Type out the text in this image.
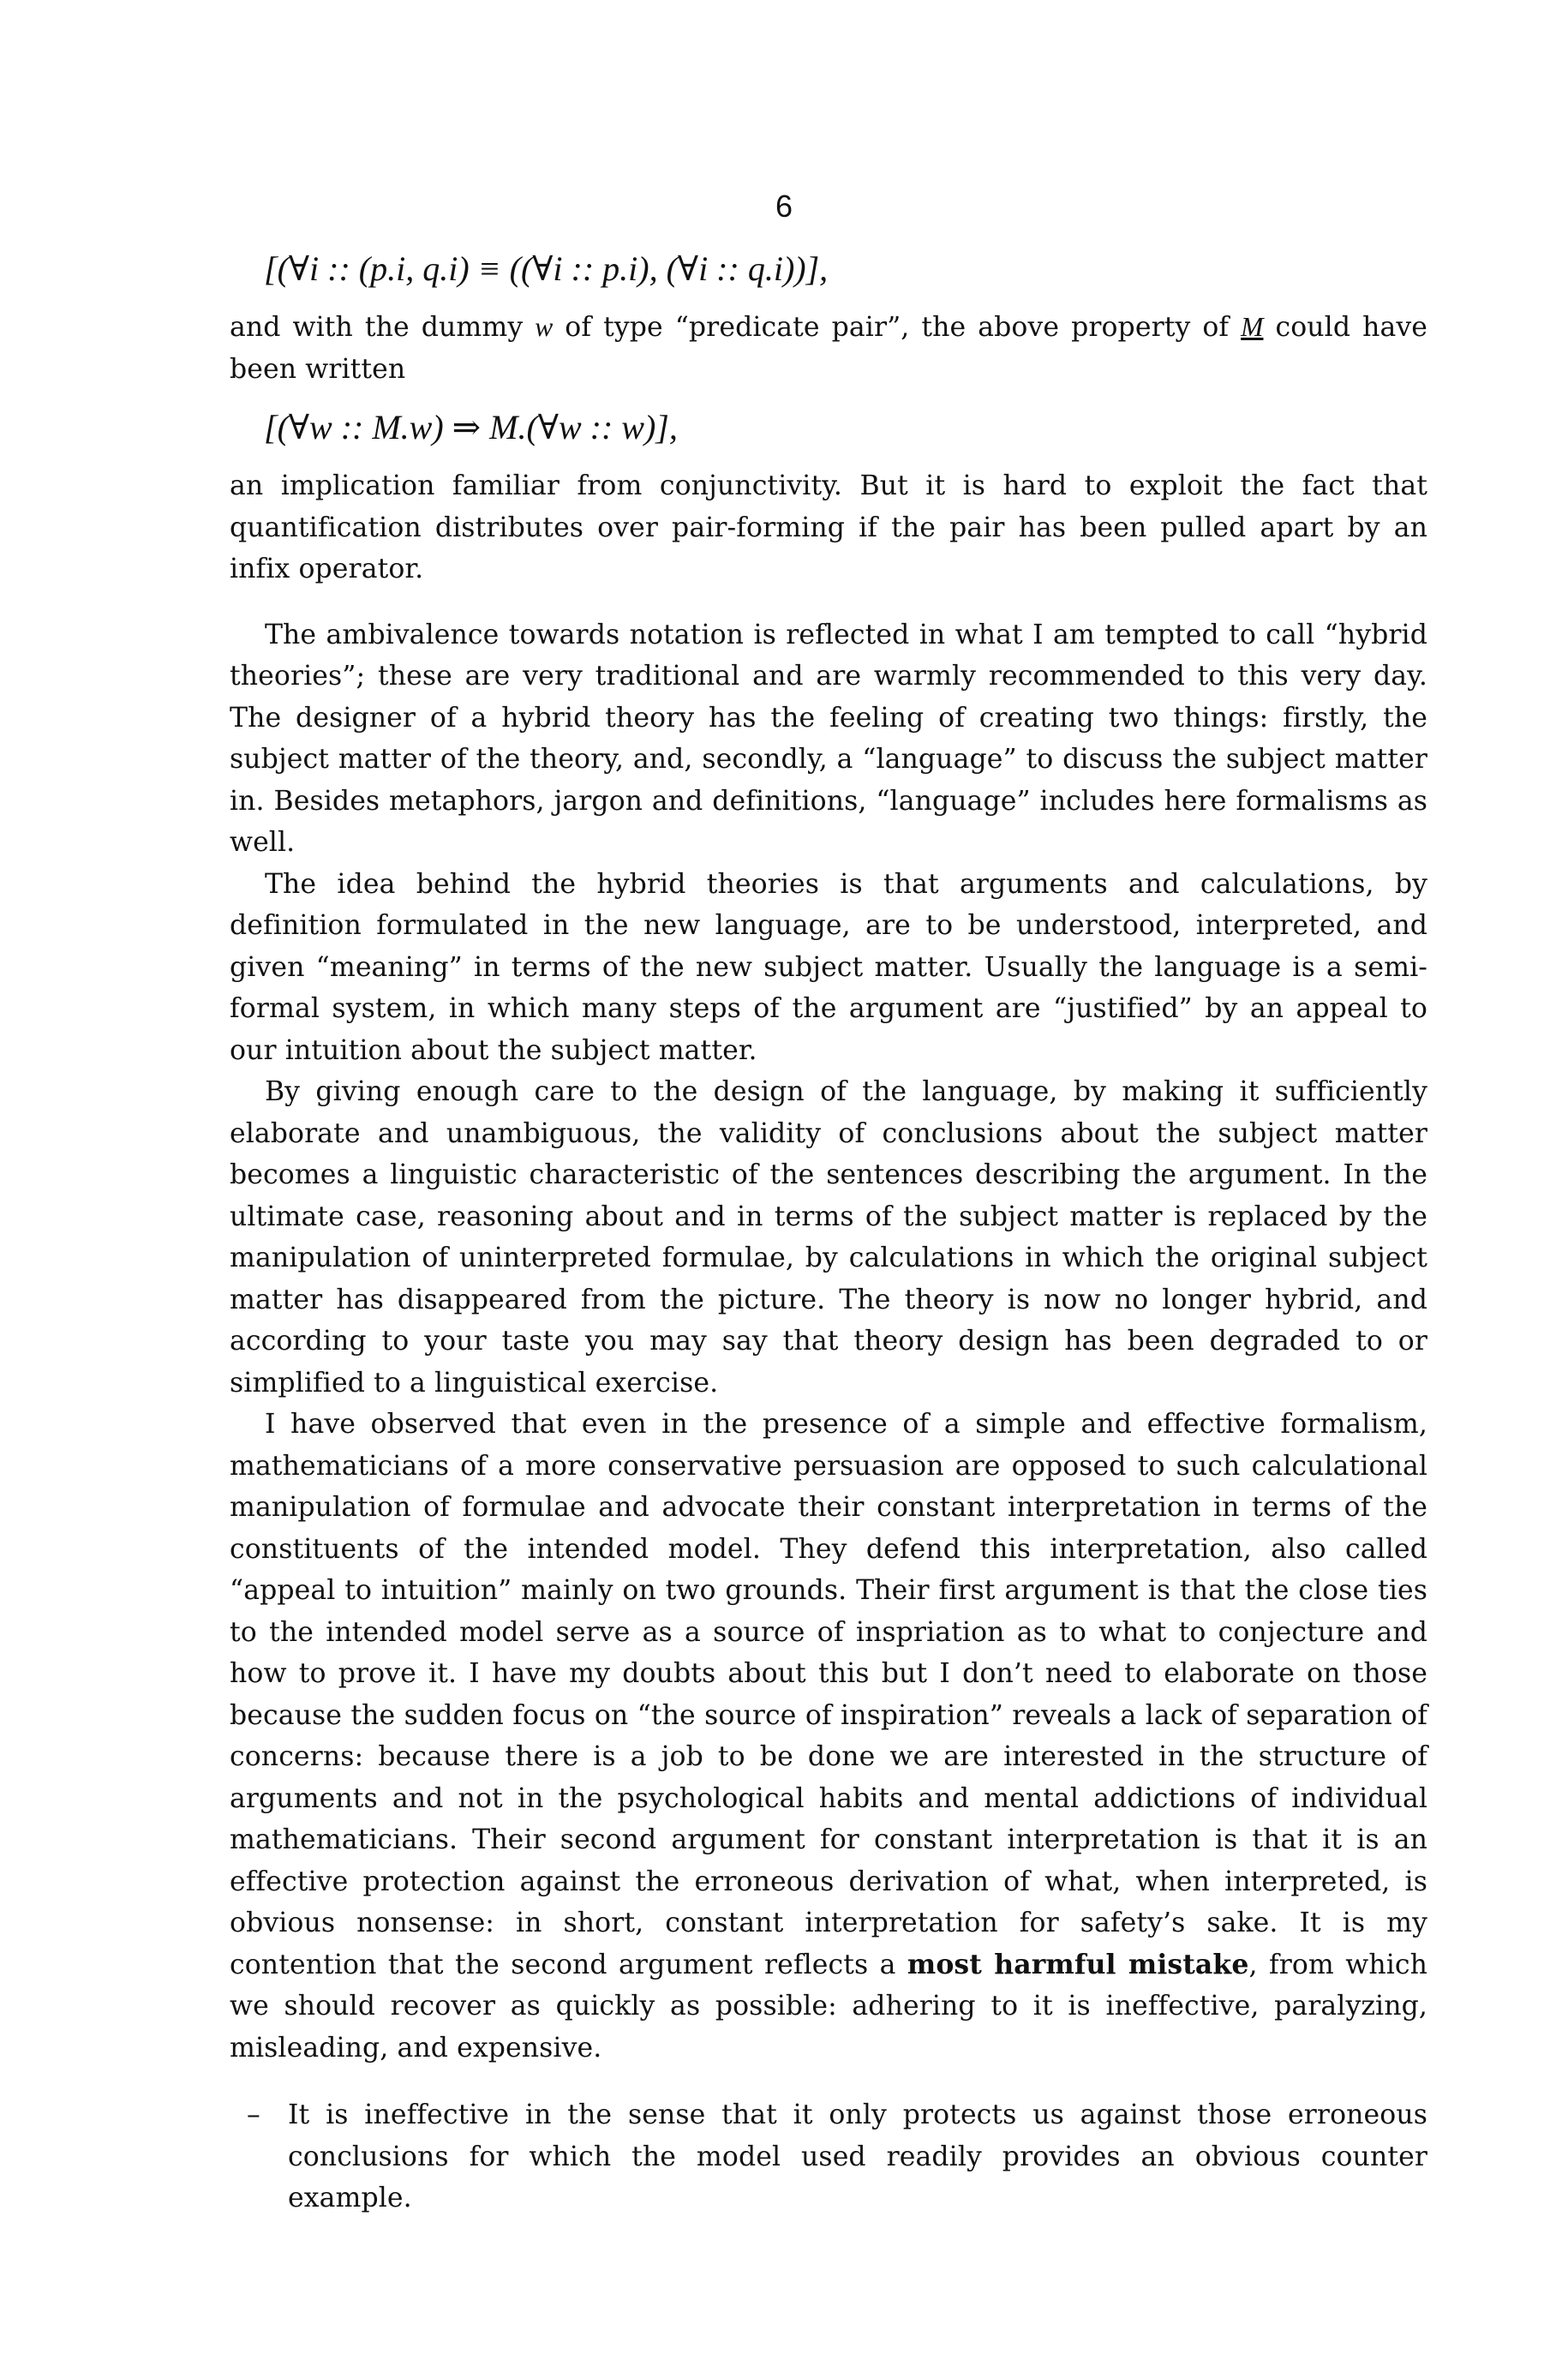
6
[(∀i :: (p.i, q.i) ≡ ((∀i :: p.i), (∀i :: q.i))],

and with the dummy w of type “predicate pair”, the above property of M could have been written

[(∀w :: M.w) ⇒ M.(∀w :: w)],

an implication familiar from conjunctivity. But it is hard to exploit the fact that quantification distributes over pair-forming if the pair has been pulled apart by an infix operator.

The ambivalence towards notation is reflected in what I am tempted to call “hybrid theories”; these are very traditional and are warmly recommended to this very day. The designer of a hybrid theory has the feeling of creating two things: firstly, the subject matter of the theory, and, secondly, a “language” to discuss the subject matter in. Besides metaphors, jargon and definitions, “language” includes here formalisms as well.

The idea behind the hybrid theories is that arguments and calculations, by definition formulated in the new language, are to be understood, interpreted, and given “meaning” in terms of the new subject matter. Usually the language is a semi-formal system, in which many steps of the argument are “justified” by an appeal to our intuition about the subject matter.

By giving enough care to the design of the language, by making it sufficiently elaborate and unambiguous, the validity of conclusions about the subject matter becomes a linguistic characteristic of the sentences describing the argument. In the ultimate case, reasoning about and in terms of the subject matter is replaced by the manipulation of uninterpreted formulae, by calculations in which the original subject matter has disappeared from the picture. The theory is now no longer hybrid, and according to your taste you may say that theory design has been degraded to or simplified to a linguistical exercise.

I have observed that even in the presence of a simple and effective formalism, mathematicians of a more conservative persuasion are opposed to such calculational manipulation of formulae and advocate their constant interpretation in terms of the constituents of the intended model. They defend this interpretation, also called “appeal to intuition” mainly on two grounds. Their first argument is that the close ties to the intended model serve as a source of inspriation as to what to conjecture and how to prove it. I have my doubts about this but I don’t need to elaborate on those because the sudden focus on “the source of inspiration” reveals a lack of separation of concerns: because there is a job to be done we are interested in the structure of arguments and not in the psychological habits and mental addictions of individual mathematicians. Their second argument for constant interpretation is that it is an effective protection against the erroneous derivation of what, when interpreted, is obvious nonsense: in short, constant interpretation for safety’s sake. It is my contention that the second argument reflects a most harmful mistake, from which we should recover as quickly as possible: adhering to it is ineffective, paralyzing, misleading, and expensive.

–	It is ineffective in the sense that it only protects us against those erroneous conclusions for which the model used readily provides an obvious counter example.
